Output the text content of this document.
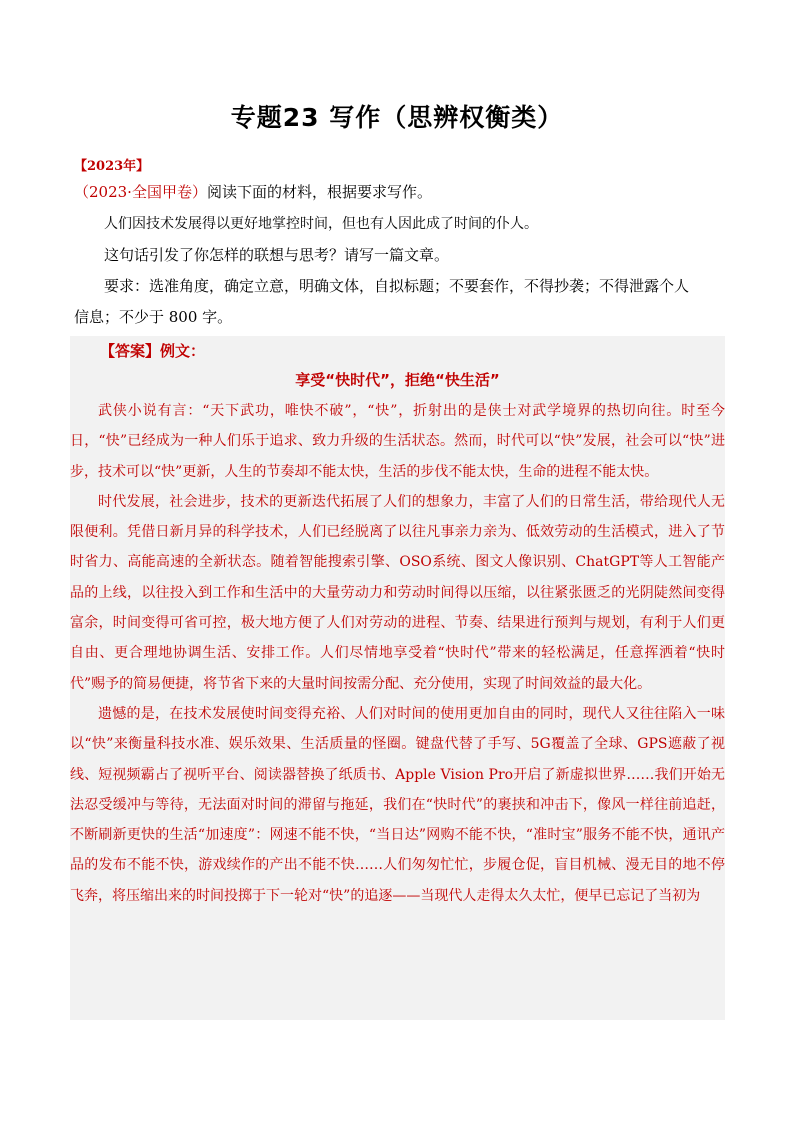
专题23 写作（思辨权衡类）
【2023年】
（2023·全国甲卷）阅读下面的材料，根据要求写作。
人们因技术发展得以更好地掌控时间，但也有人因此成了时间的仆人。
这句话引发了你怎样的联想与思考？请写一篇文章。
要求：选准角度，确定立意，明确文体，自拟标题；不要套作，不得抄袭；不得泄露个人
信息；不少于 800 字。
【答案】例文：
享受“快时代”，拒绝“快生活”

武侠小说有言：“天下武功，唯快不破”，“快”，折射出的是侠士对武学境界的热切向往。时至今日，“快”已经成为一种人们乐于追求、致力升级的生活状态。然而，时代可以“快”发展，社会可以“快”进步，技术可以“快”更新，人生的节奏却不能太快，生活的步伐不能太快，生命的进程不能太快。

时代发展，社会进步，技术的更新迭代拓展了人们的想象力，丰富了人们的日常生活，带给现代人无限便利。凭借日新月异的科学技术，人们已经脱离了以往凡事亲力亲为、低效劳动的生活模式，进入了节时省力、高能高速的全新状态。随着智能搜索引擎、OSO系统、图文人像识别、ChatGPT等人工智能产品的上线，以往投入到工作和生活中的大量劳动力和劳动时间得以压缩，以往紧张匮乏的光阴陡然间变得富余，时间变得可省可控，极大地方便了人们对劳动的进程、节奏、结果进行预判与规划，有利于人们更自由、更合理地协调生活、安排工作。人们尽情地享受着“快时代”带来的轻松满足，任意挥洒着“快时代”赐予的简易便捷，将节省下来的大量时间按需分配、充分使用，实现了时间效益的最大化。

遗憾的是，在技术发展使时间变得充裕、人们对时间的使用更加自由的同时，现代人又往往陷入一味以“快”来衡量科技水准、娱乐效果、生活质量的怪圈。键盘代替了手写、5G覆盖了全球、GPS遮蔽了视线、短视频霸占了视听平台、阅读器替换了纸质书、Apple Vision Pro开启了新虚拟世界……我们开始无法忍受缓冲与等待，无法面对时间的滞留与拖延，我们在“快时代”的裹挟和冲击下，像风一样往前追赶，不断刷新更快的生活“加速度”：网速不能不快，“当日达”网购不能不快，“准时宝”服务不能不快，通讯产品的发布不能不快，游戏续作的产出不能不快……人们匆匆忙忙，步履仓促，盲目机械、漫无目的地不停飞奔，将压缩出来的时间投掷于下一轮对“快”的追逐——当现代人走得太久太忙，便早已忘记了当初为
